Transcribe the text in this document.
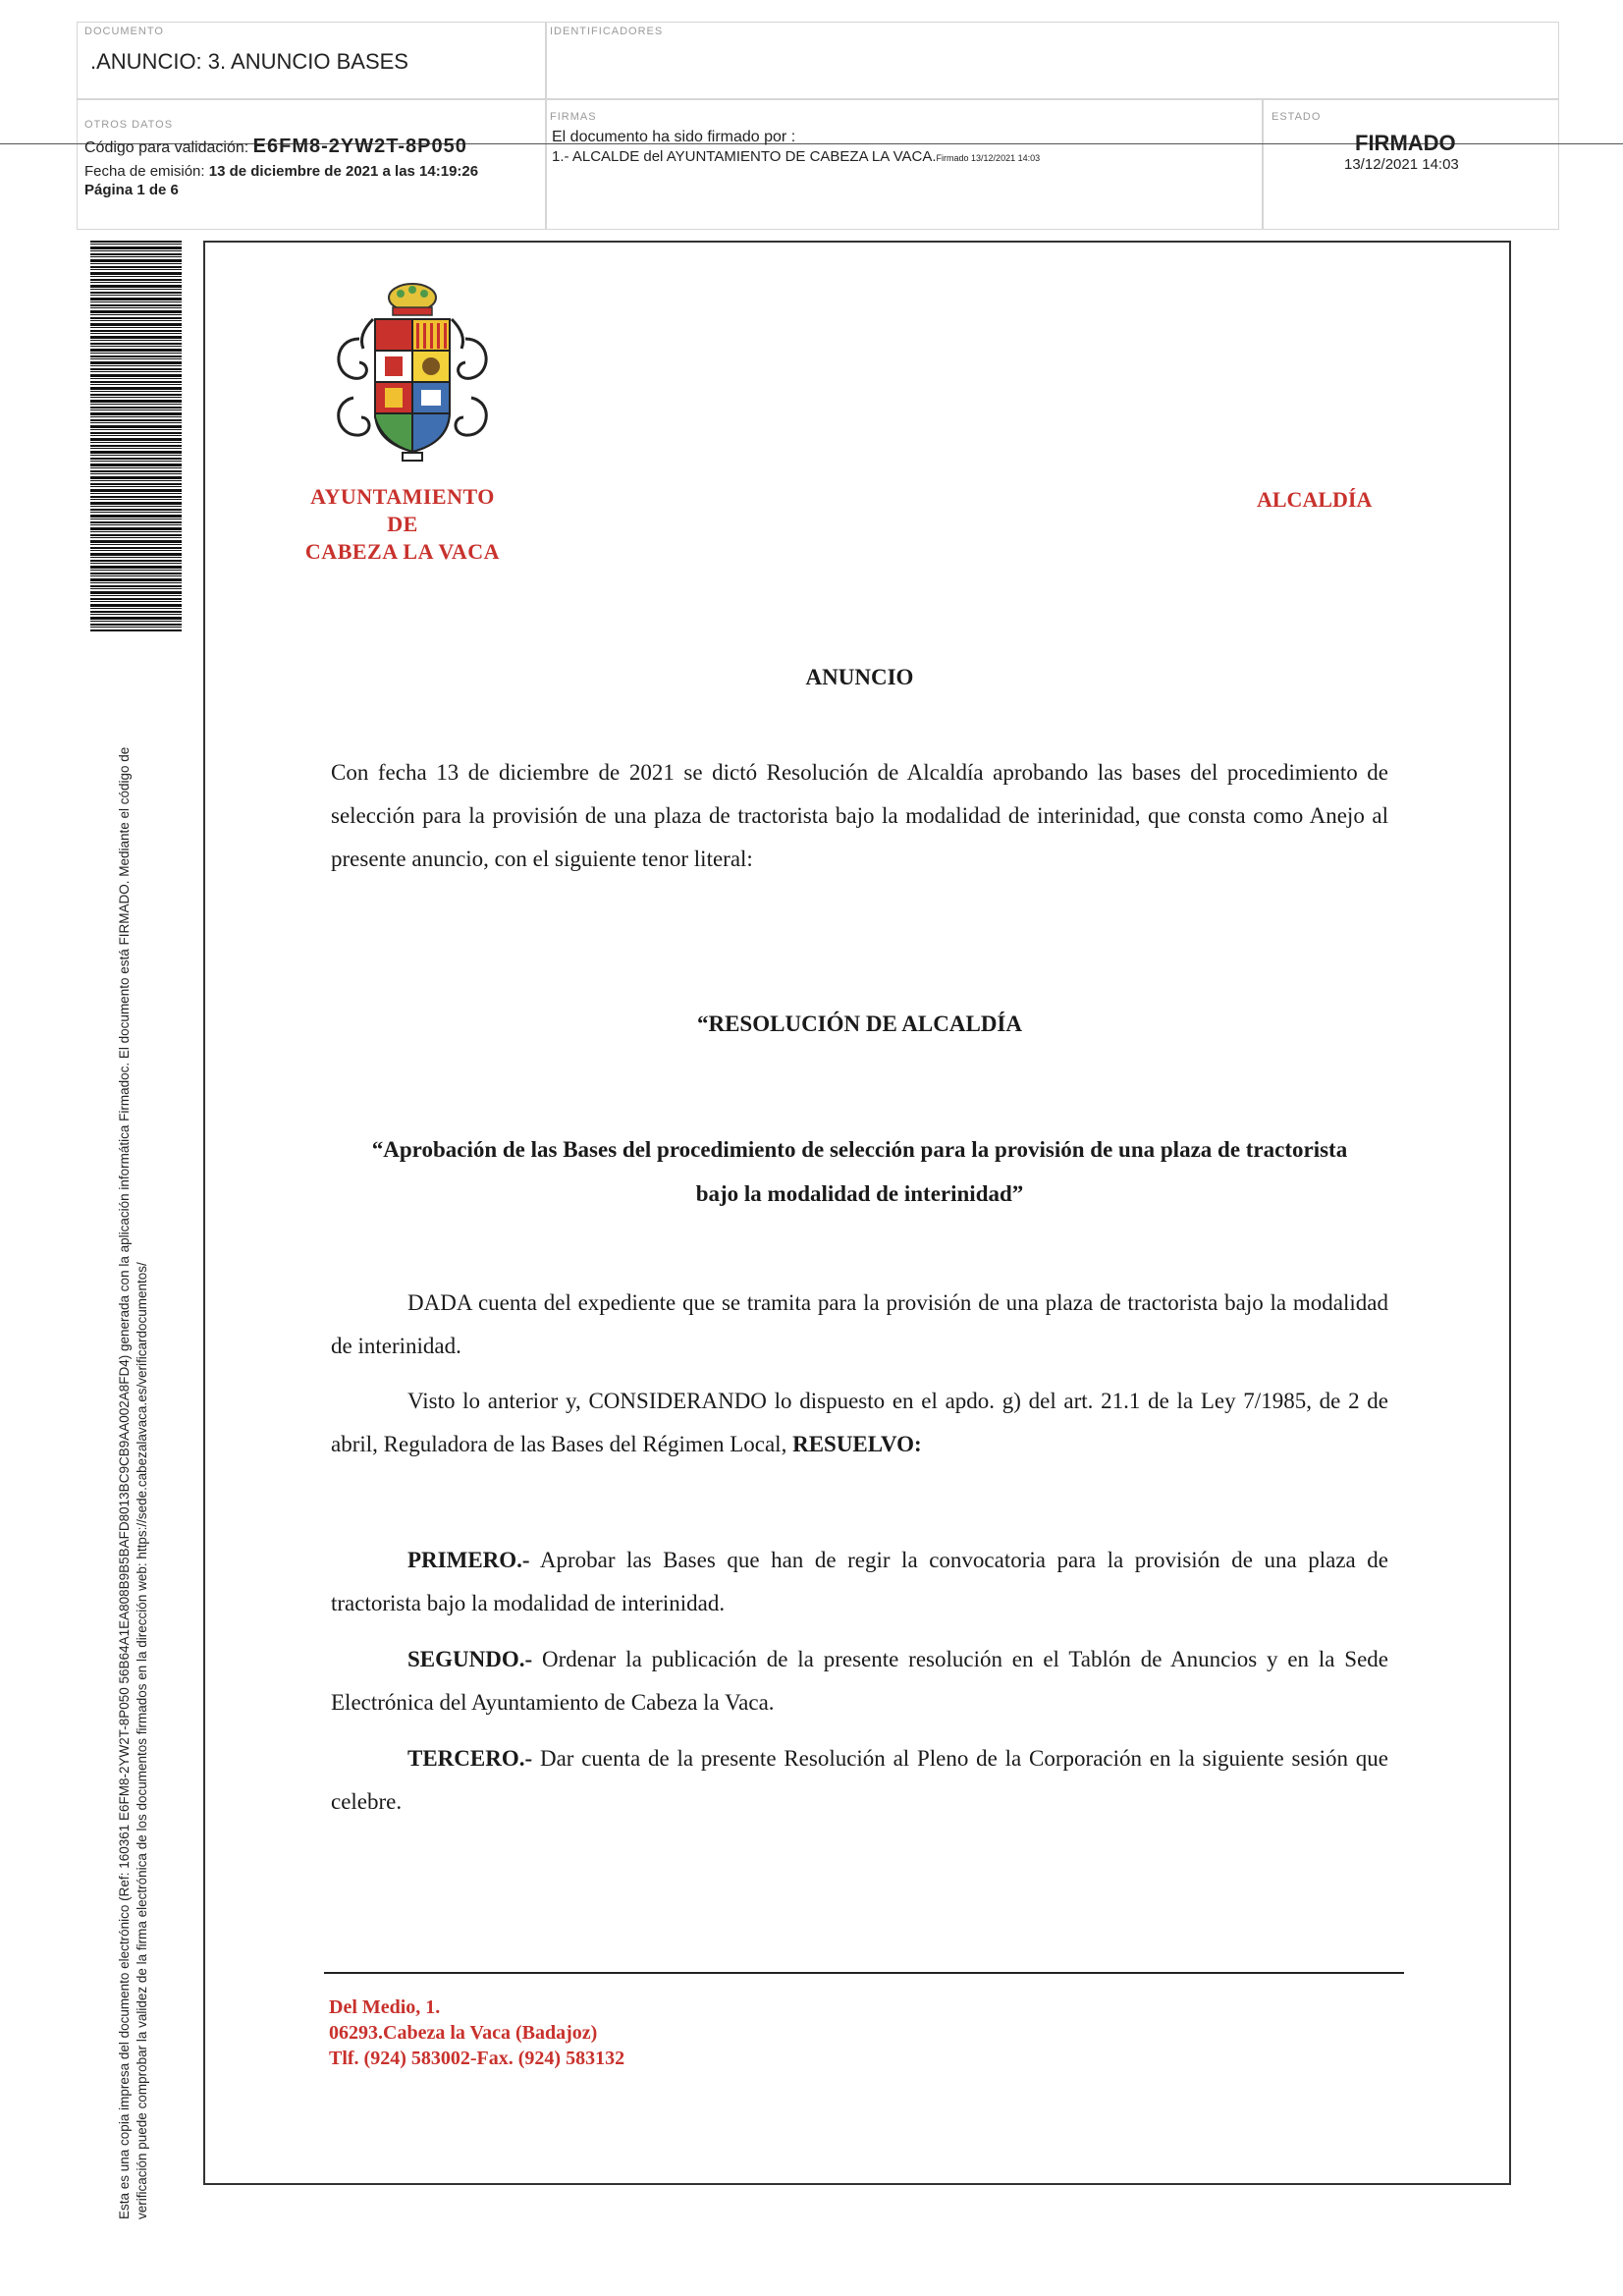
DOCUMENTO
.ANUNCIO: 3. ANUNCIO BASES
IDENTIFICADORES
OTROS DATOS
Código para validación: E6FM8-2YW2T-8P050
Fecha de emisión: 13 de diciembre de 2021 a las 14:19:26
Página 1 de 6
FIRMAS
El documento ha sido firmado por :
1.- ALCALDE del AYUNTAMIENTO DE CABEZA LA VACA.Firmado 13/12/2021 14:03
ESTADO
FIRMADO
13/12/2021 14:03
Esta es una copia impresa del documento electrónico (Ref: 160361 E6FM8-2YW2T-8P050 56B64A1EA808B9B5BAFD8013BC9CB9AA002A8FD4) generada con la aplicación informática Firmadoc. El documento está FIRMADO. Mediante el código de verificación puede comprobar la validez de la firma electrónica de los documentos firmados en la dirección web: https://sede.cabezalavaca.es/verificardocumentos/
AYUNTAMIENTO
DE
CABEZA LA VACA
ALCALDÍA
ANUNCIO

Con fecha 13 de diciembre de 2021 se dictó Resolución de Alcaldía aprobando las bases del procedimiento de selección para la provisión de una plaza de tractorista bajo la modalidad de interinidad, que consta como Anejo al presente anuncio, con el siguiente tenor literal:

“RESOLUCIÓN DE ALCALDÍA
“Aprobación de las Bases del procedimiento de selección para la provisión de una plaza de tractorista
bajo la modalidad de interinidad”

DADA cuenta del expediente que se tramita para la provisión de una plaza de tractorista bajo la modalidad de interinidad.

Visto lo anterior y, CONSIDERANDO lo dispuesto en el apdo. g) del art. 21.1 de la Ley 7/1985, de 2 de abril, Reguladora de las Bases del Régimen Local, RESUELVO:

PRIMERO.- Aprobar las Bases que han de regir la convocatoria para la provisión de una plaza de tractorista bajo la modalidad de interinidad.

SEGUNDO.- Ordenar la publicación de la presente resolución en el Tablón de Anuncios y en la Sede Electrónica del Ayuntamiento de Cabeza la Vaca.

TERCERO.- Dar cuenta de la presente Resolución al Pleno de la Corporación en la siguiente sesión que celebre.

Del Medio, 1.
06293.Cabeza la Vaca (Badajoz)
Tlf. (924) 583002-Fax. (924) 583132
